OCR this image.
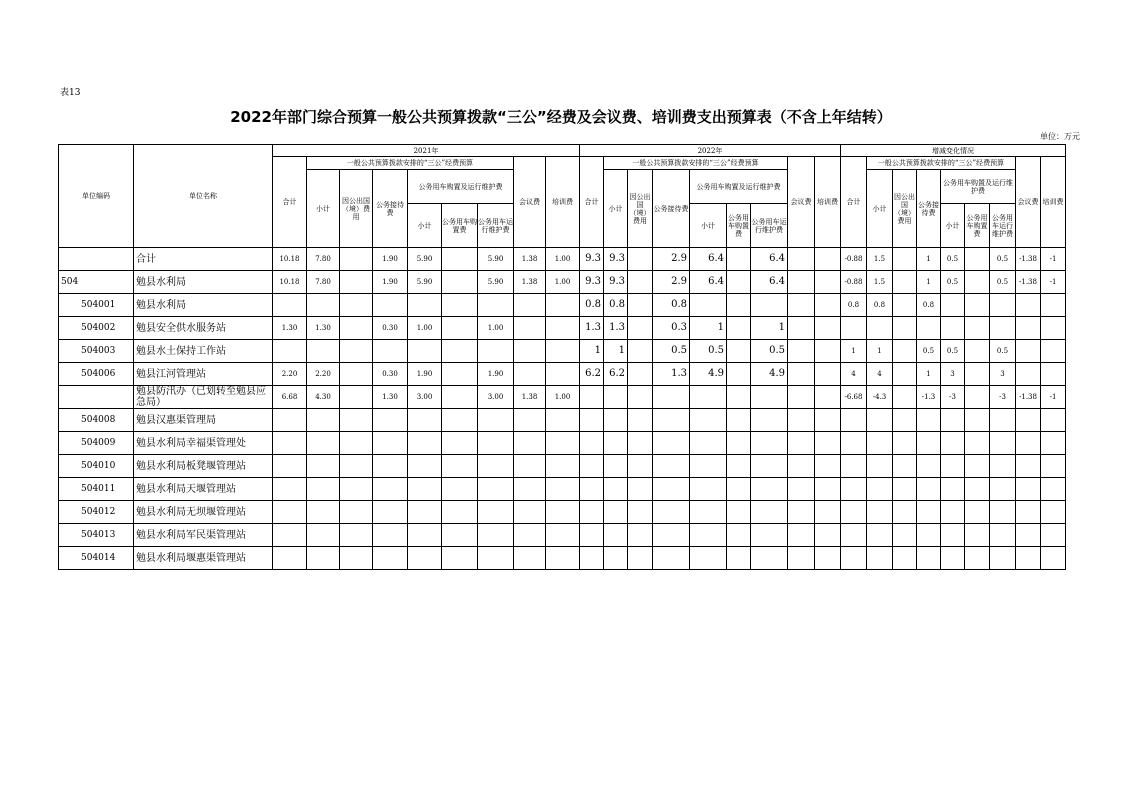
表13
2022年部门综合预算一般公共预算拨款“三公”经费及会议费、培训费支出预算表（不含上年结转）
单位：万元
单位编码	单位名称	2021年									2022年									增减变化情况								
		合计	一般公共预算拨款安排的“三公”经费预算						会议费	培训费	合计	一般公共预算拨款安排的“三公”经费预算						会议费	培训费	合计	一般公共预算拨款安排的“三公”经费预算						会议费	培训费
			小计	因公出国（境）费用	公务接待费	公务用车购置及运行维护费						小计	因公出国（境）费用	公务接待费	公务用车购置及运行维护费						小计	因公出国（境）费用	公务接待费	公务用车购置及运行维护费				
						小计	公务用车购置费	公务用车运行维护费							小计	公务用车购置费	公务用车运行维护费							小计	公务用车购置费	公务用车运行维护费		
	合计	10.18	7.80		1.90	5.90		5.90	1.38	1.00	9.3	9.3		2.9	6.4		6.4			-0.88	1.5		1	0.5		0.5	-1.38	-1
504	勉县水利局	10.18	7.80		1.90	5.90		5.90	1.38	1.00	9.3	9.3		2.9	6.4		6.4			-0.88	1.5		1	0.5		0.5	-1.38	-1
504001	勉县水利局										0.8	0.8		0.8						0.8	0.8		0.8					
504002	勉县安全供水服务站	1.30	1.30		0.30	1.00		1.00			1.3	1.3		0.3	1		1											
504003	勉县水土保持工作站										1	1		0.5	0.5		0.5			1	1		0.5	0.5		0.5		
504006	勉县江河管理站	2.20	2.20		0.30	1.90		1.90			6.2	6.2		1.3	4.9		4.9			4	4		1	3		3		
	勉县防汛办（已划转至勉县应急局）	6.68	4.30		1.30	3.00		3.00	1.38	1.00										-6.68	-4.3		-1.3	-3		-3	-1.38	-1
504008	勉县汉惠渠管理局																											
504009	勉县水利局幸福渠管理处																											
504010	勉县水利局板凳堰管理站																											
504011	勉县水利局天堰管理站																											
504012	勉县水利局无坝堰管理站																											
504013	勉县水利局军民渠管理站																											
504014	勉县水利局堰惠渠管理站																											
